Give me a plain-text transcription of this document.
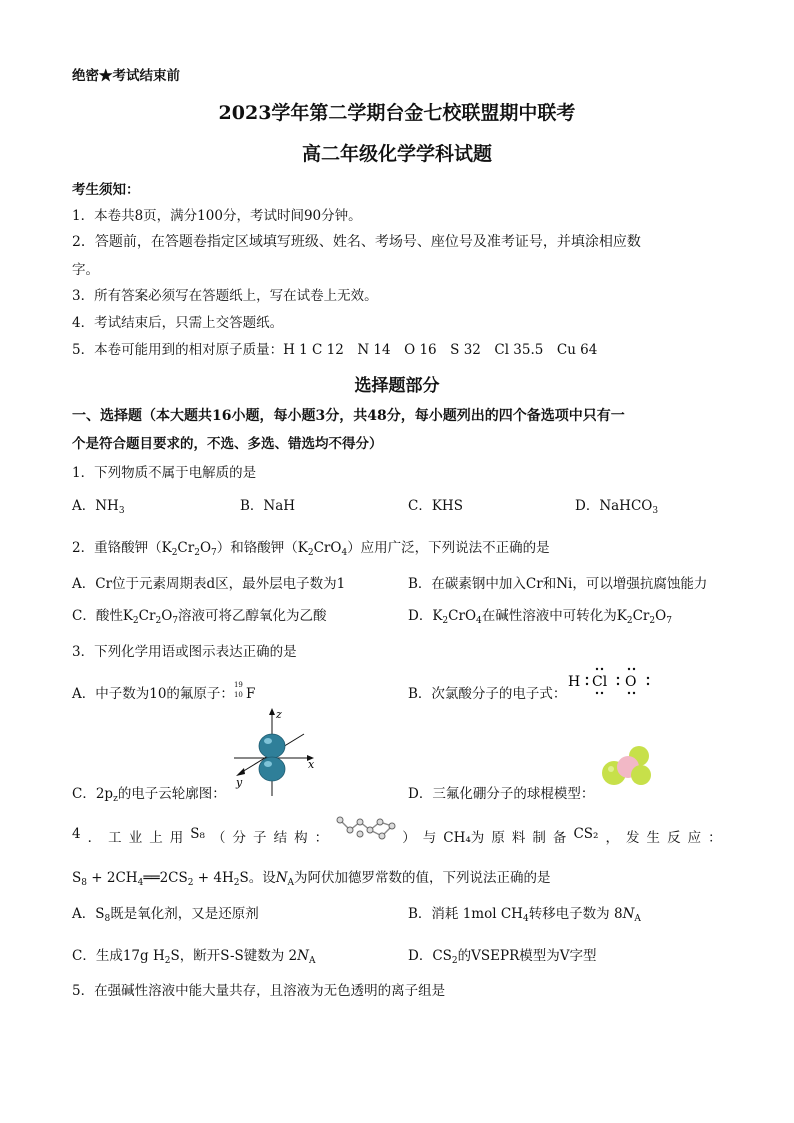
绝密★考试结束前
2023学年第二学期台金七校联盟期中联考
高二年级化学学科试题
考生须知：
1．本卷共8页，满分100分，考试时间90分钟。
2．答题前，在答题卷指定区域填写班级、姓名、考场号、座位号及准考证号，并填涂相应数
字。
3．所有答案必须写在答题纸上，写在试卷上无效。
4．考试结束后，只需上交答题纸。
5．本卷可能用到的相对原子质量：H 1 C 12　N 14　O 16　S 32　Cl 35.5　Cu 64
选择题部分
一、选择题（本大题共16小题，每小题3分，共48分，每小题列出的四个备选项中只有一
个是符合题目要求的，不选、多选、错选均不得分）
1．下列物质不属于电解质的是
A．$NH_3$	B．NaH	C．KHS	D．NaHCO$_3$
2．重铬酸钾$(K_2Cr_2O_7)$和铬酸钾$(K_2CrO_4)$应用广泛，下列说法不正确的是
A．Cr位于元素周期表d区，最外层电子数为1	B．在碳素钢中加入Cr和Ni，可以增强抗腐蚀能力
C．酸性$K_2Cr_2O_7$溶液可将乙醇氧化为乙酸	D．$K_2CrO_4$在碱性溶液中可转化为$K_2Cr_2O_7$
3．下列化学用语或图示表达正确的是
A．中子数为10的氟原子：
19
10 F	B．次氯酸分子的电子式：
H Cl O
z
x
y
C．$2p_z$的电子云轮廓图：	D．三氟化硼分子的球棍模型：
4 ． 工 业 上 用 S₈ （ 分 子 结 构 ：	） 与 CH₄为 原 料 制 备 CS₂ ， 发 生 反 应 ：
$S_8$ + $2CH_4══2CS_2 + 4H_2S$。设$N_A$为阿伏加德罗常数的值，下列说法正确的是
A．$S_8$既是氧化剂，又是还原剂	B．消耗 1mol $CH_4$转移电子数为 $8N_A$
C．生成17g $H_2S$，断开S-S键数为 $2N_A$	D．$CS_2$的VSEPR模型为V字型
5．在强碱性溶液中能大量共存，且溶液为无色透明的离子组是
